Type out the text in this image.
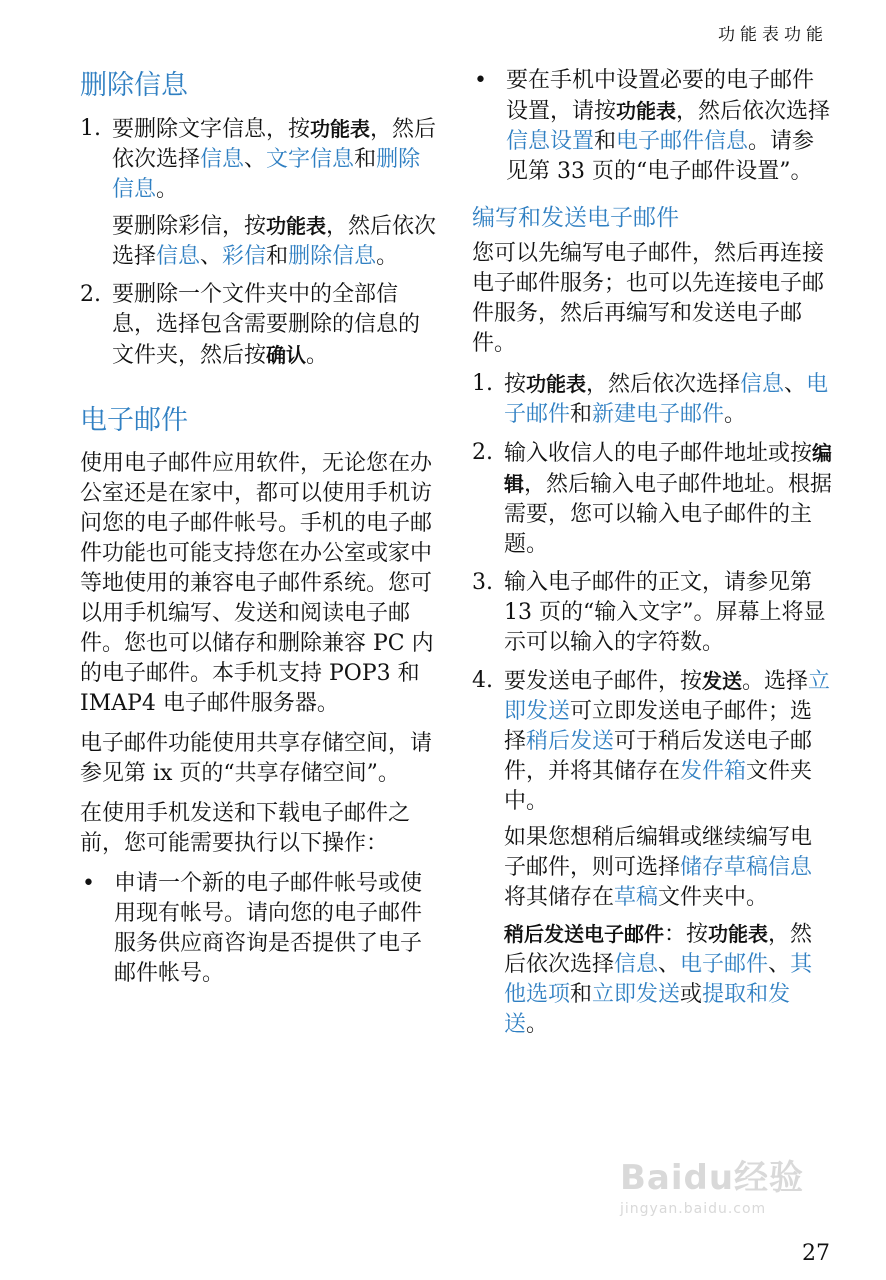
功能表功能
删除信息
1. 要删除文字信息，按功能表，然后依次选择信息、文字信息和删除信息。
要删除彩信，按功能表，然后依次选择信息、彩信和删除信息。
2. 要删除一个文件夹中的全部信息，选择包含需要删除的信息的文件夹，然后按确认。
电子邮件
使用电子邮件应用软件，无论您在办公室还是在家中，都可以使用手机访问您的电子邮件帐号。手机的电子邮件功能也可能支持您在办公室或家中等地使用的兼容电子邮件系统。您可以用手机编写、发送和阅读电子邮件。您也可以储存和删除兼容 PC 内的电子邮件。本手机支持 POP3 和 IMAP4 电子邮件服务器。
电子邮件功能使用共享存储空间，请参见第 ix 页的“共享存储空间”。
在使用手机发送和下载电子邮件之前，您可能需要执行以下操作：
• 申请一个新的电子邮件帐号或使用现有帐号。请向您的电子邮件服务供应商咨询是否提供了电子邮件帐号。
• 要在手机中设置必要的电子邮件设置，请按功能表，然后依次选择信息设置和电子邮件信息。请参见第 33 页的“电子邮件设置”。
编写和发送电子邮件
您可以先编写电子邮件，然后再连接电子邮件服务；也可以先连接电子邮件服务，然后再编写和发送电子邮件。
1. 按功能表，然后依次选择信息、电子邮件和新建电子邮件。
2. 输入收信人的电子邮件地址或按编辑，然后输入电子邮件地址。根据需要，您可以输入电子邮件的主题。
3. 输入电子邮件的正文，请参见第 13 页的“输入文字”。屏幕上将显示可以输入的字符数。
4. 要发送电子邮件，按发送。选择立即发送可立即发送电子邮件；选择稍后发送可于稍后发送电子邮件，并将其储存在发件箱文件夹中。
如果您想稍后编辑或继续编写电子邮件，则可选择储存草稿信息将其储存在草稿文件夹中。
稍后发送电子邮件：按功能表，然后依次选择信息、电子邮件、其他选项和立即发送或提取和发送。
Baidu经验
jingyan.baidu.com
27
